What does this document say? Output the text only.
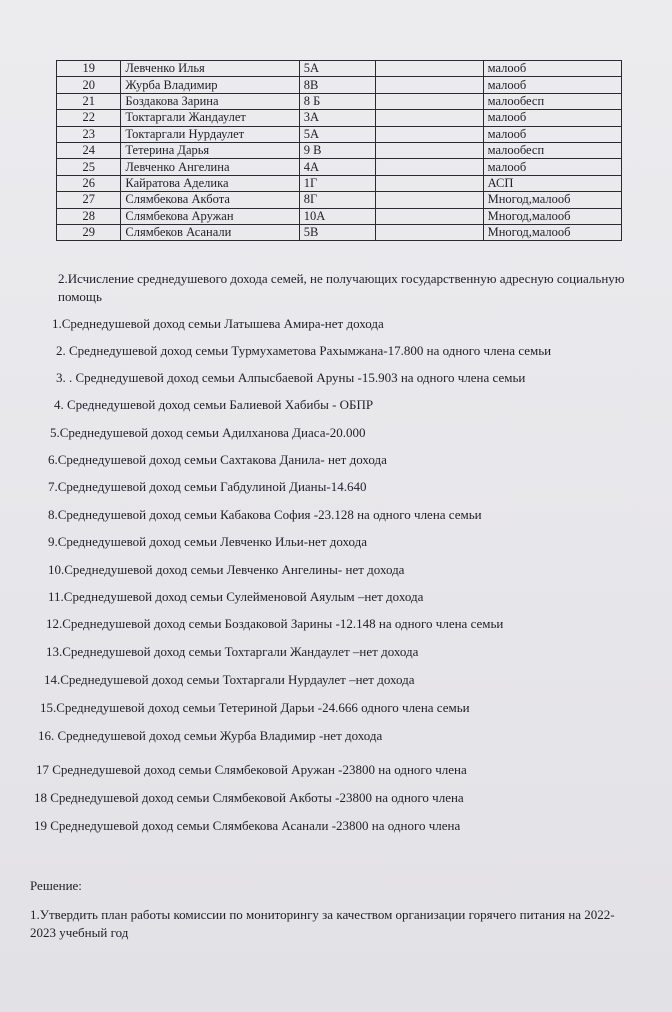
19	Левченко Илья	5А		малооб
20	Журба Владимир	8В		малооб
21	Боздакова Зарина	8 Б		малообесп
22	Токтаргали Жандаулет	3А		малооб
23	Токтаргали Нурдаулет	5А		малооб
24	Тетерина Дарья	9 В		малообесп
25	Левченко Ангелина	4А		малооб
26	Кайратова Аделика	1Г		АСП
27	Слямбекова Акбота	8Г		Многод,малооб
28	Слямбекова Аружан	10А		Многод,малооб
29	Слямбеков Асанали	5В		Многод,малооб
2.Исчисление среднедушевого дохода семей, не получающих государственную адресную социальную помощь
1.Среднедушевой доход семьи Латышева Амира-нет дохода
2. Среднедушевой доход семьи Турмухаметова Рахымжана-17.800 на одного члена семьи
3. . Среднедушевой доход семьи Алпысбаевой Аруны -15.903 на одного члена семьи
4. Среднедушевой доход семьи Балиевой Хабибы - ОБПР
5.Среднедушевой доход семьи Адилханова Диаса-20.000
6.Среднедушевой доход семьи Сахтакова Данила- нет дохода
7.Среднедушевой доход семьи Габдулиной Дианы-14.640
8.Среднедушевой доход семьи Кабакова София -23.128 на одного члена семьи
9.Среднедушевой доход семьи Левченко Ильи-нет дохода
10.Среднедушевой доход семьи Левченко Ангелины- нет дохода
11.Среднедушевой доход семьи Сулейменовой Аяулым –нет дохода
12.Среднедушевой доход семьи Боздаковой Зарины -12.148 на одного члена семьи
13.Среднедушевой доход семьи Тохтаргали Жандаулет –нет дохода
14.Среднедушевой доход семьи Тохтаргали Нурдаулет –нет дохода
15.Среднедушевой доход семьи Тетериной Дарьи -24.666 одного члена семьи
16. Среднедушевой доход семьи Журба Владимир -нет дохода
17 Среднедушевой доход семьи Слямбековой Аружан -23800 на одного члена
18 Среднедушевой доход семьи Слямбековой Акботы -23800 на одного члена
19 Среднедушевой доход семьи Слямбекова Асанали -23800 на одного члена
Решение:
1.Утвердить план работы комиссии по мониторингу за качеством организации горячего питания на 2022-2023 учебный год
